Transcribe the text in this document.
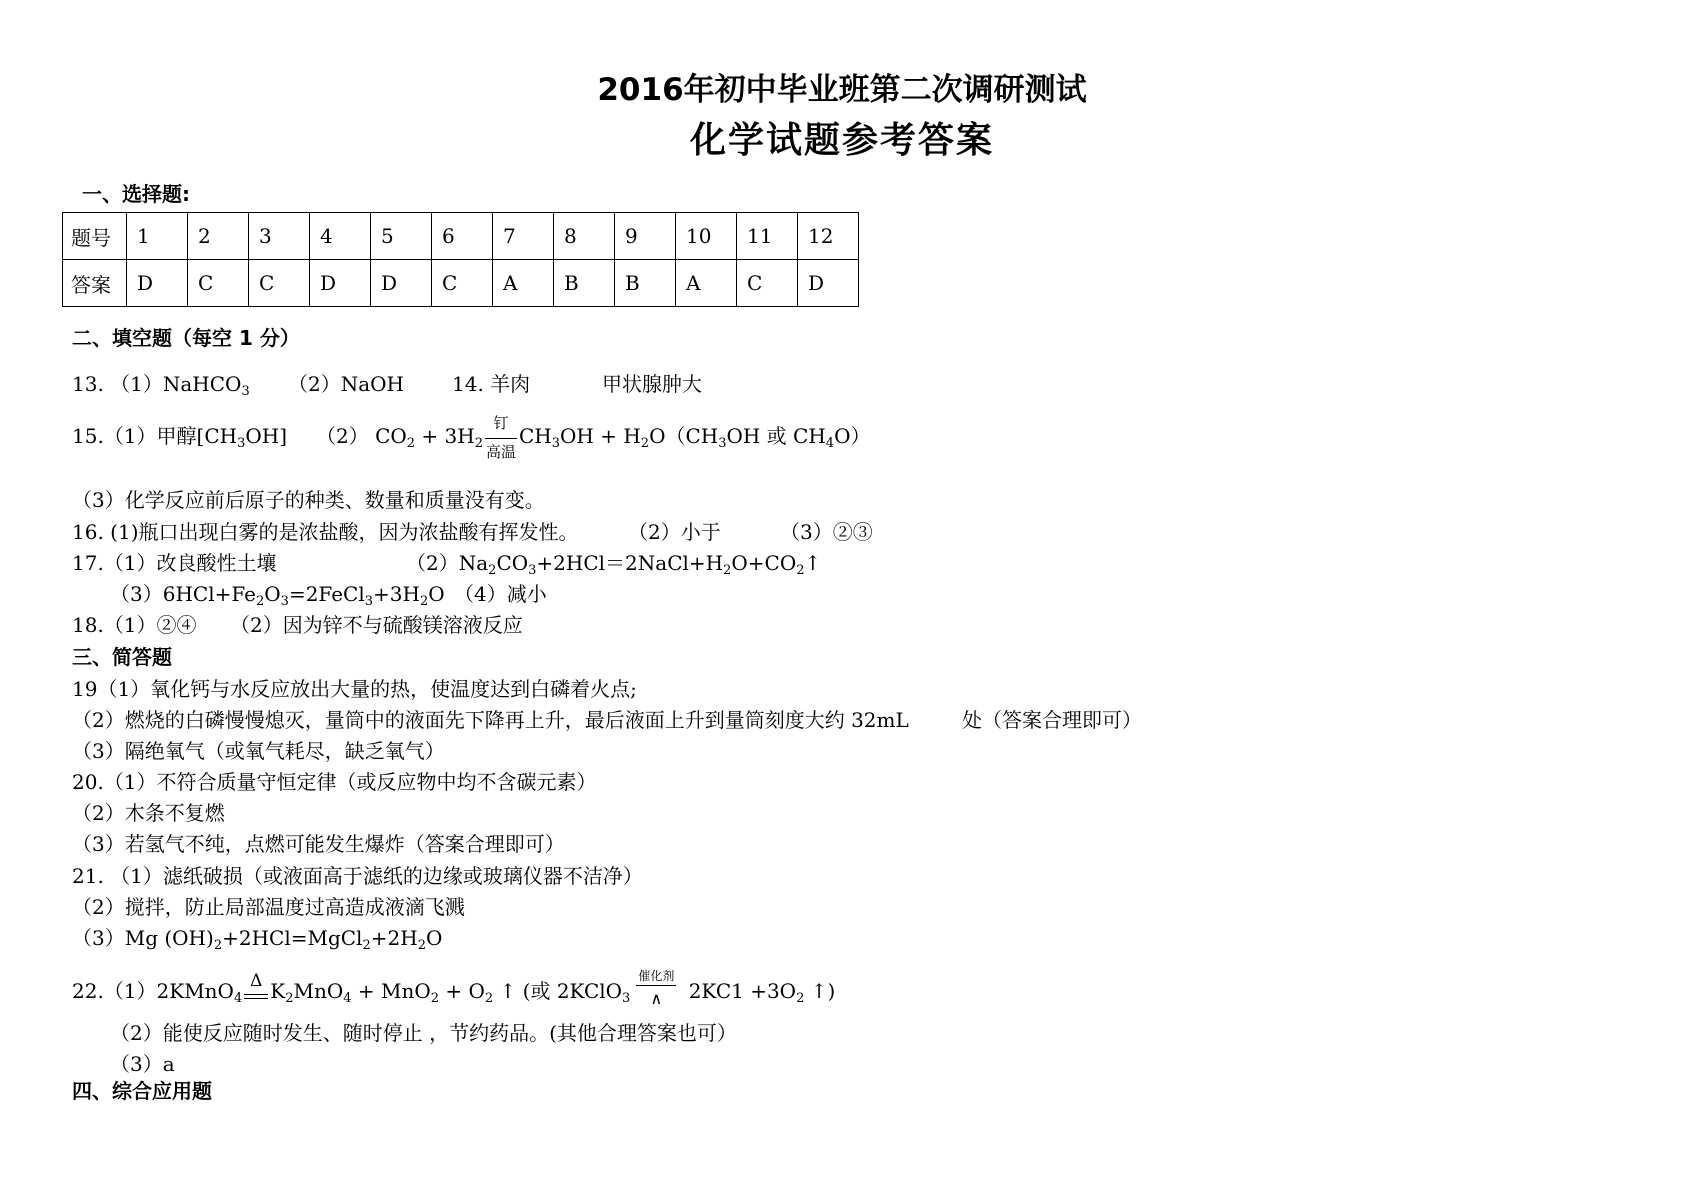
2016年初中毕业班第二次调研测试
化学试题参考答案
一、选择题:
题号	1	2	3	4	5	6	7	8	9	10	11	12
答案	D	C	C	D	D	C	A	B	B	A	C	D
二、填空题（每空 1 分）
13. （1）NaHCO$_3$ （2）NaOH 14. 羊肉	甲状腺肿大
15.（1）甲醇$[CH_3OH]$ （2） $CO_2 + 3H_2$
钉
高温
$CH_3OH + H_2O(CH_3OH$ 或 $CH_4O$）
（3）化学反应前后原子的种类、数量和质量没有变。
16. (1)瓶口出现白雾的是浓盐酸，因为浓盐酸有挥发性。 （2）小于	（3）②③
17.（1）改良酸性土壤	$(2)Na_2CO_3+2HCl=2NaCl+H_2O+CO_2↑$
$(3)6HCl+Fe_2O_3=2FeCl_3+3H_2O$ （4）减小
18.（1）②④ （2）因为锌不与硫酸镁溶液反应
三、简答题
19（1）氧化钙与水反应放出大量的热，使温度达到白磷着火点;
（2）燃烧的白磷慢慢熄灭，量筒中的液面先下降再上升，最后液面上升到量筒刻度大约 32mL	处（答案合理即可）
（3）隔绝氧气（或氧气耗尽，缺乏氧气）
20.（1）不符合质量守恒定律（或反应物中均不含碳元素）
（2）木条不复燃
（3）若氢气不纯，点燃可能发生爆炸（答案合理即可）
21. （1）滤纸破损（或液面高于滤纸的边缘或玻璃仪器不洁净）
（2）搅拌，防止局部温度过高造成液滴飞溅
（3）Mg $(OH)_2+2HCl=MgCl_2+2H_2O$
22.（1）2KMnO$_4$
Δ $K_2MnO_4 + MnO_2 + O_2$ ↑ (或 2KClO$_3$
催化剂
∧	$2KC1 +3O_2$ ↑)
（2）能使反应随时发生、随时停止 ，节约药品。(其他合理答案也可）
（3）a
四、综合应用题
